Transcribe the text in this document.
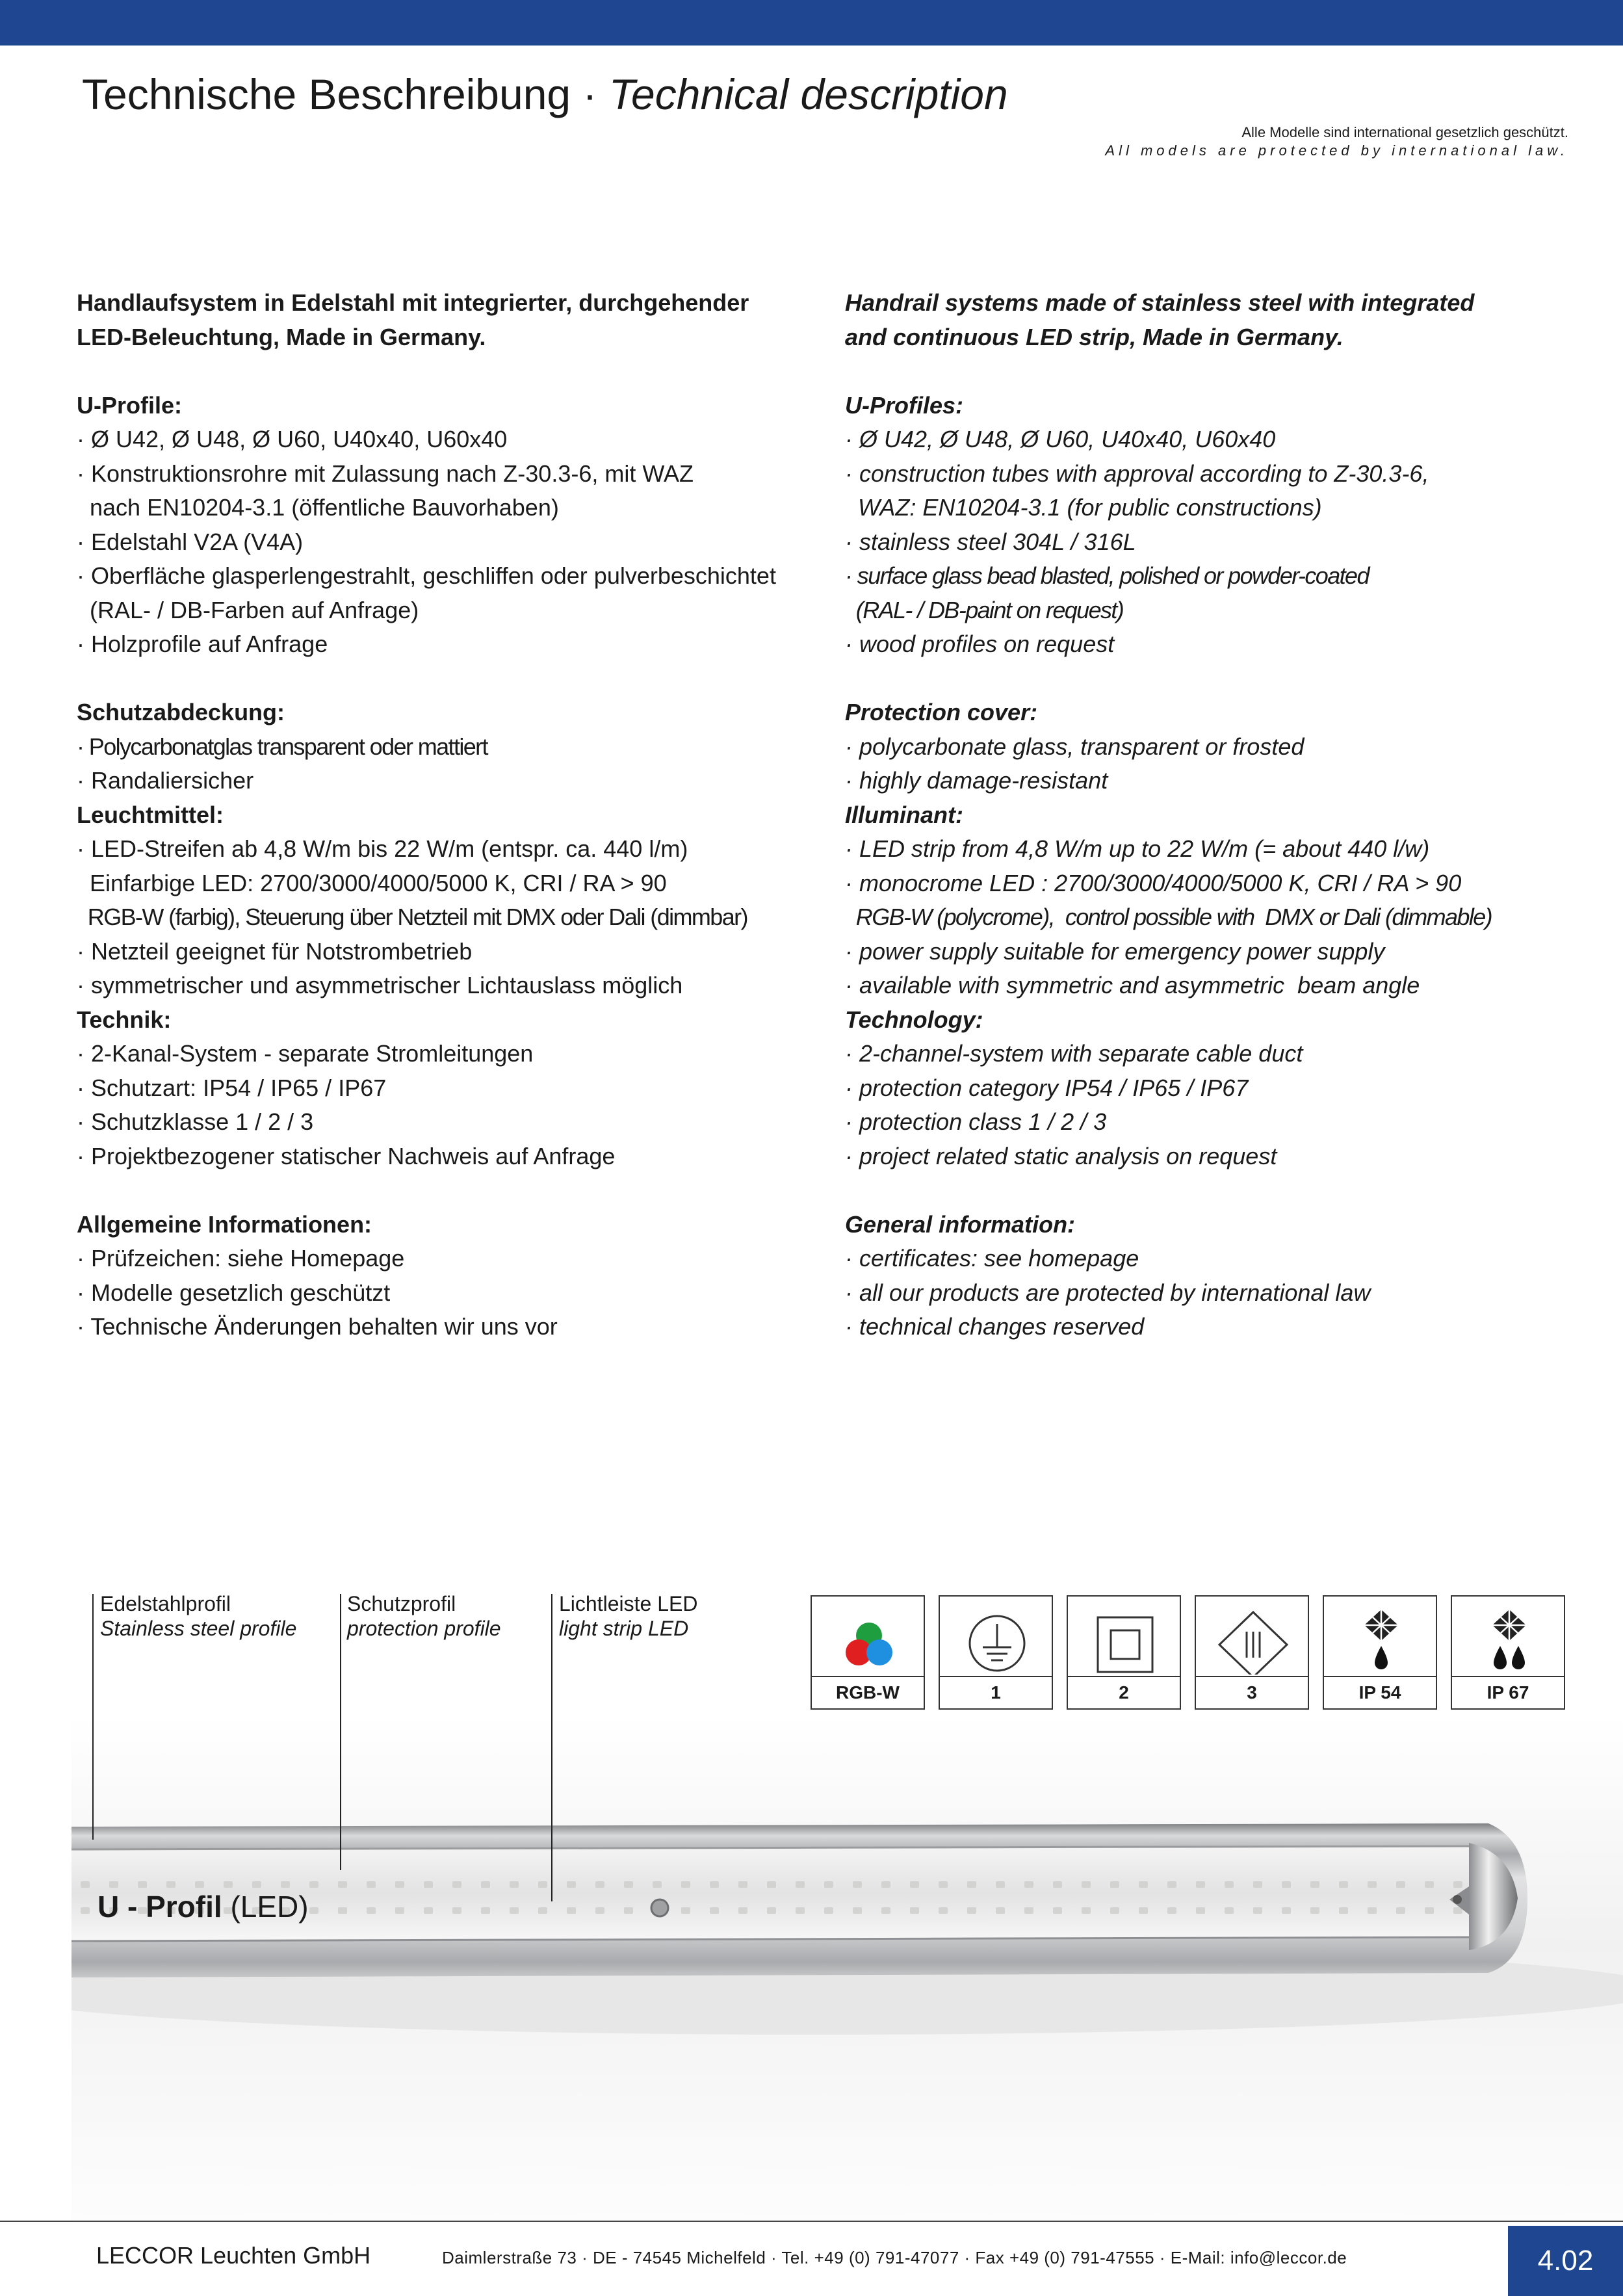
Technische Beschreibung · Technical description
Alle Modelle sind international gesetzlich geschützt.
All models are protected by international law.

Handlaufsystem in Edelstahl mit integrierter, durchgehender

LED-Beleuchtung, Made in Germany.

U-Profile:

· Ø U42, Ø U48, Ø U60, U40x40, U60x40

· Konstruktionsrohre mit Zulassung nach Z-30.3-6, mit WAZ

nach EN10204-3.1 (öffentliche Bauvorhaben)

· Edelstahl V2A (V4A)

· Oberfläche glasperlengestrahlt, geschliffen oder pulverbeschichtet

(RAL- / DB-Farben auf Anfrage)

· Holzprofile auf Anfrage

Schutzabdeckung:

· Polycarbonatglas transparent oder mattiert

· Randaliersicher

Leuchtmittel:

· LED-Streifen ab 4,8 W/m bis 22 W/m (entspr. ca. 440 l/m)

Einfarbige LED: 2700/3000/4000/5000 K, CRI / RA > 90

RGB-W (farbig), Steuerung über Netzteil mit DMX oder Dali (dimmbar)

· Netzteil geeignet für Notstrombetrieb

· symmetrischer und asymmetrischer Lichtauslass möglich

Technik:

· 2-Kanal-System - separate Stromleitungen

· Schutzart: IP54 / IP65 / IP67

· Schutzklasse 1 / 2 / 3

· Projektbezogener statischer Nachweis auf Anfrage

Allgemeine Informationen:

· Prüfzeichen: siehe Homepage

· Modelle gesetzlich geschützt

· Technische Änderungen behalten wir uns vor

Handrail systems made of stainless steel with integrated

and continuous LED strip, Made in Germany.

U-Profiles:

· Ø U42, Ø U48, Ø U60, U40x40, U60x40

· construction tubes with approval according to Z-30.3-6,

WAZ: EN10204-3.1 (for public constructions)

· stainless steel 304L / 316L

· surface glass bead blasted, polished or powder-coated

(RAL- / DB-paint on request)

· wood profiles on request

Protection cover:

· polycarbonate glass, transparent or frosted

· highly damage-resistant

Illuminant:

· LED strip from 4,8 W/m up to 22 W/m (= about 440 l/w)

· monocrome LED : 2700/3000/4000/5000 K, CRI / RA > 90

RGB-W (polycrome),  control possible with  DMX or Dali (dimmable)

· power supply suitable for emergency power supply

· available with symmetric and asymmetric  beam angle

Technology:

· 2-channel-system with separate cable duct

· protection category IP54 / IP65 / IP67

· protection class 1 / 2 / 3

· project related static analysis on request

General information:

· certificates: see homepage

· all our products are protected by international law

· technical changes reserved

U - Profil (LED)
Edelstahlprofil
Stainless steel profile
Schutzprofil
protection profile
Lichtleiste LED
light strip LED
RGB-W	1	2	3	IP 54	IP 67
LECCOR Leuchten GmbH	Daimlerstraße 73 · DE - 74545 Michelfeld · Tel. +49 (0) 791-47077 · Fax +49 (0) 791-47555 · E-Mail: info@leccor.de	4.02
